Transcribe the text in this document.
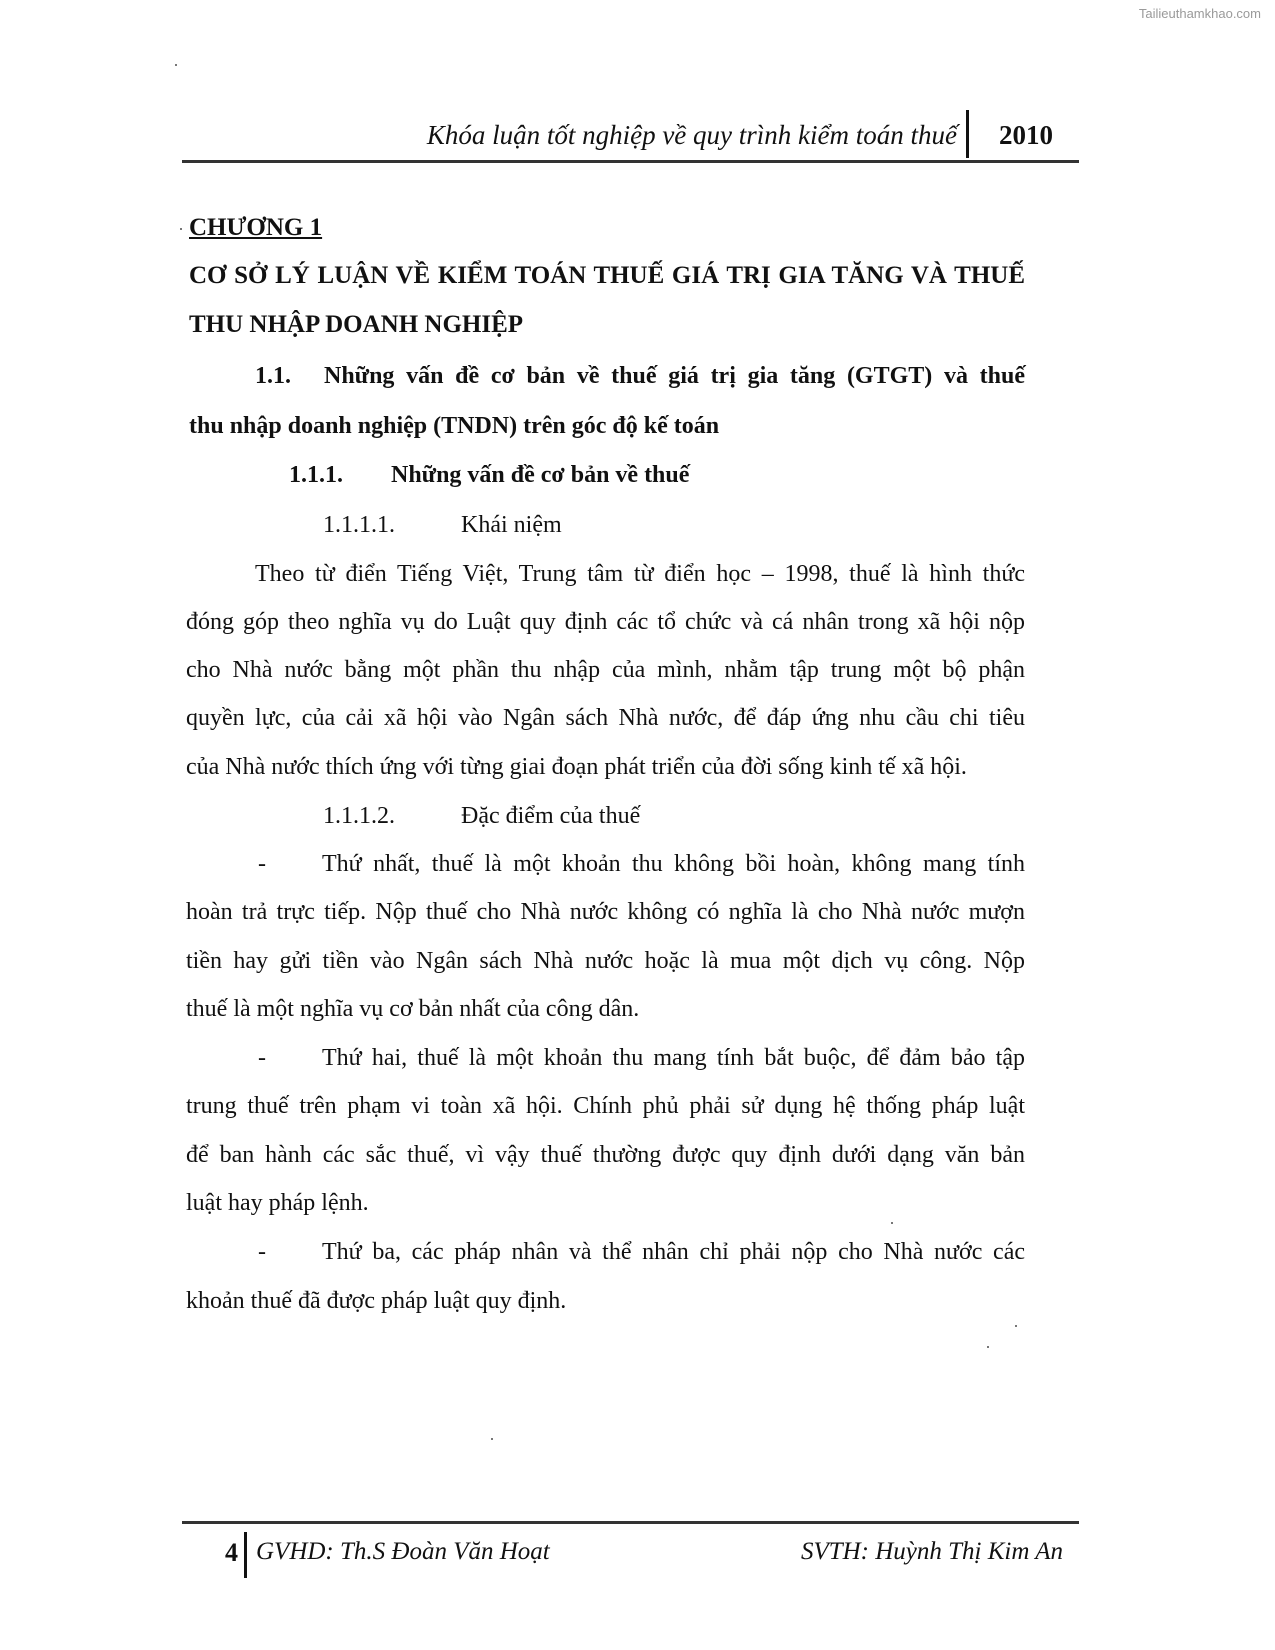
Tailieuthamkhao.com
Khóa luận tốt nghiệp về quy trình kiểm toán thuế 2010
CHƯƠNG 1
CƠ SỞ LÝ LUẬN VỀ KIỂM TOÁN THUẾ GIÁ TRỊ GIA TĂNG VÀ THUẾ
THU NHẬP DOANH NGHIỆP
1.1. Những vấn đề cơ bản về thuế giá trị gia tăng (GTGT) và thuế
thu nhập doanh nghiệp (TNDN) trên góc độ kế toán
1.1.1. Những vấn đề cơ bản về thuế
1.1.1.1.	Khái niệm
Theo từ điển Tiếng Việt, Trung tâm từ điển học – 1998, thuế là hình thức
đóng góp theo nghĩa vụ do Luật quy định các tổ chức và cá nhân trong xã hội nộp
cho Nhà nước bằng một phần thu nhập của mình, nhằm tập trung một bộ phận
quyền lực, của cải xã hội vào Ngân sách Nhà nước, để đáp ứng nhu cầu chi tiêu
của Nhà nước thích ứng với từng giai đoạn phát triển của đời sống kinh tế xã hội.
1.1.1.2.	Đặc điểm của thuế
- Thứ nhất, thuế là một khoản thu không bồi hoàn, không mang tính
hoàn trả trực tiếp. Nộp thuế cho Nhà nước không có nghĩa là cho Nhà nước mượn
tiền hay gửi tiền vào Ngân sách Nhà nước hoặc là mua một dịch vụ công. Nộp
thuế là một nghĩa vụ cơ bản nhất của công dân.
- Thứ hai, thuế là một khoản thu mang tính bắt buộc, để đảm bảo tập
trung thuế trên phạm vi toàn xã hội. Chính phủ phải sử dụng hệ thống pháp luật
để ban hành các sắc thuế, vì vậy thuế thường được quy định dưới dạng văn bản
luật hay pháp lệnh.
- Thứ ba, các pháp nhân và thể nhân chỉ phải nộp cho Nhà nước các
khoản thuế đã được pháp luật quy định.
4 GVHD: Th.S Đoàn Văn Hoạt	SVTH: Huỳnh Thị Kim An
